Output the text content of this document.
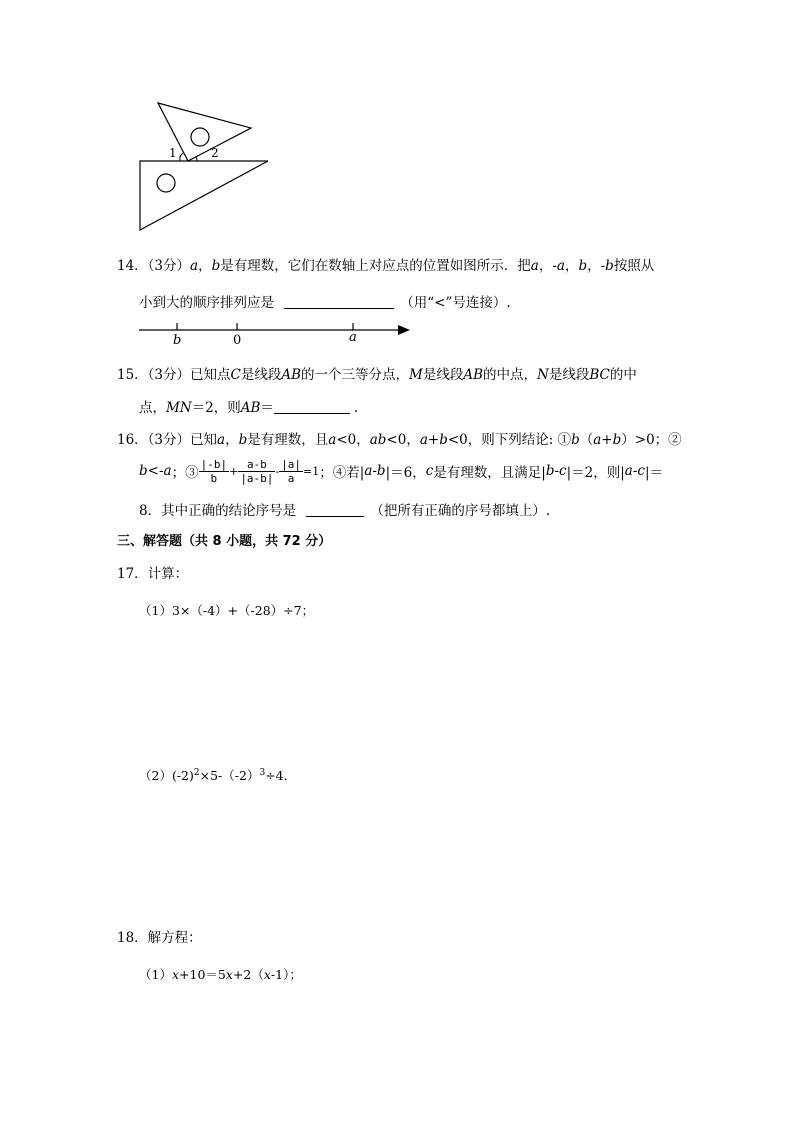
1	2
14．（3分）a，b是有理数，它们在数轴上对应点的位置如图所示．把a，-a，b，-b按照从
小到大的顺序排列应是	（用“<”号连接）.
b	0	a
15．（3分）已知点C是线段AB的一个三等分点，M是线段AB的中点，N是线段BC的中
点，MN＝2，则AB＝	.
16．（3分）已知a，b是有理数，且a<0，ab<0，a+b<0，则下列结论: ①b（a+b）>0；②
b < -a ；③ $\frac{|-b|}{b} + \frac{a-b}{|a-b|} - \frac{|a|}{a} =1$ ；④若| a-b |＝6， c 是有理数，且满足| b-c |＝2，则| a-c |＝
8．其中正确的结论序号是	（把所有正确的序号都填上）.
三、解答题（共 8 小题，共 72 分）
17．计算：
（1）3×（-4）+（-28）÷7；
$(2)(-2)^2\times 5-(-2)^3\div 4$．
18．解方程：
（1）x+10＝5x+2（x-1）；
